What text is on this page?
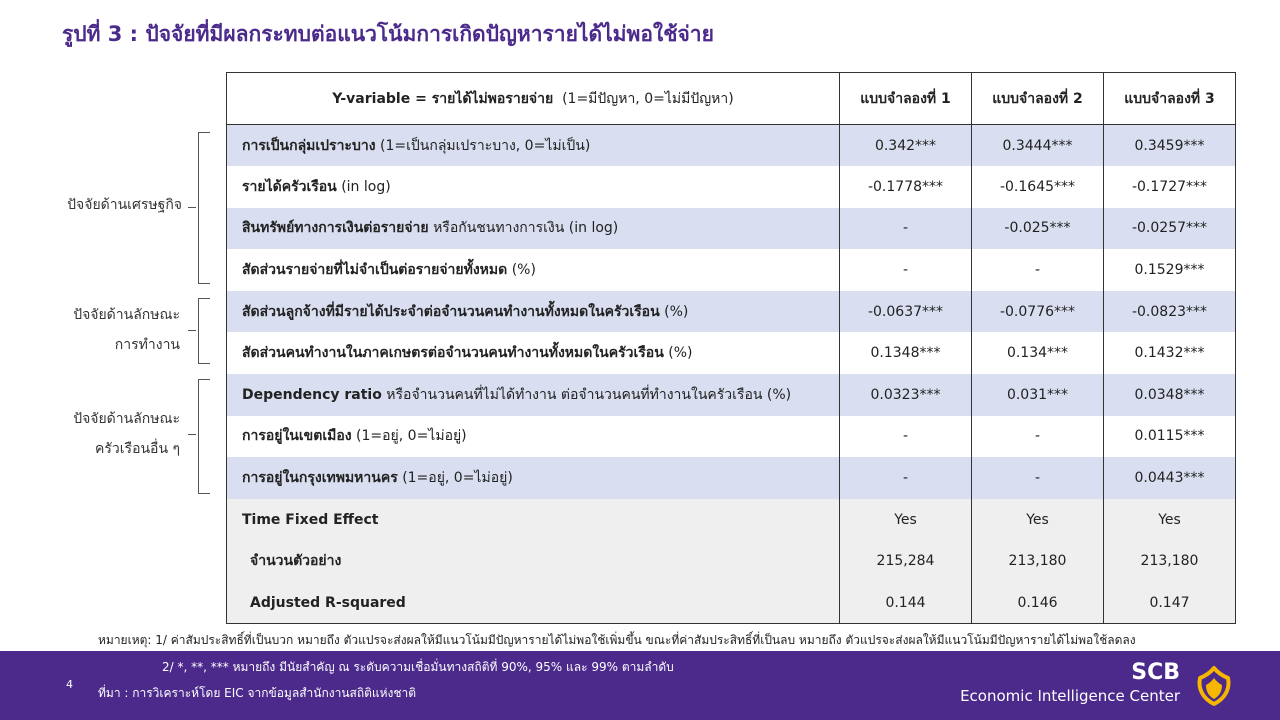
รูปที่ 3 : ปัจจัยที่มีผลกระทบต่อแนวโน้มการเกิดปัญหารายได้ไม่พอใช้จ่าย
Y-variable = รายได้ไม่พอรายจ่าย (1=มีปัญหา, 0=ไม่มีปัญหา)	แบบจำลองที่ 1	แบบจำลองที่ 2	แบบจำลองที่ 3
การเป็นกลุ่มเปราะบาง (1=เป็นกลุ่มเปราะบาง, 0=ไม่เป็น)	0.342***	0.3444***	0.3459***
รายได้ครัวเรือน (in log)	-0.1778***	-0.1645***	-0.1727***
สินทรัพย์ทางการเงินต่อรายจ่าย หรือกันชนทางการเงิน (in log)	-	-0.025***	-0.0257***
สัดส่วนรายจ่ายที่ไม่จำเป็นต่อรายจ่ายทั้งหมด (%)	-	-	0.1529***
สัดส่วนลูกจ้างที่มีรายได้ประจำต่อจำนวนคนทำงานทั้งหมดในครัวเรือน (%)	-0.0637***	-0.0776***	-0.0823***
สัดส่วนคนทำงานในภาคเกษตรต่อจำนวนคนทำงานทั้งหมดในครัวเรือน (%)	0.1348***	0.134***	0.1432***
Dependency ratio หรือจำนวนคนที่ไม่ได้ทำงาน ต่อจำนวนคนที่ทำงานในครัวเรือน (%)	0.0323***	0.031***	0.0348***
การอยู่ในเขตเมือง (1=อยู่, 0=ไม่อยู่)	-	-	0.0115***
การอยู่ในกรุงเทพมหานคร (1=อยู่, 0=ไม่อยู่)	-	-	0.0443***
Time Fixed Effect	Yes	Yes	Yes
จำนวนตัวอย่าง	215,284	213,180	213,180
Adjusted R-squared	0.144	0.146	0.147
ปัจจัยด้านเศรษฐกิจ
ปัจจัยด้านลักษณะ
การทำงาน
ปัจจัยด้านลักษณะ
ครัวเรือนอื่น ๆ
หมายเหตุ: 1/ ค่าสัมประสิทธิ์ที่เป็นบวก หมายถึง ตัวแปรจะส่งผลให้มีแนวโน้มมีปัญหารายได้ไม่พอใช้เพิ่มขึ้น ขณะที่ค่าสัมประสิทธิ์ที่เป็นลบ หมายถึง ตัวแปรจะส่งผลให้มีแนวโน้มมีปัญหารายได้ไม่พอใช้ลดลง
2/ *, **, *** หมายถึง มีนัยสำคัญ ณ ระดับความเชื่อมั่นทางสถิติที่ 90%, 95% และ 99% ตามลำดับ
4
ที่มา : การวิเคราะห์โดย EIC จากข้อมูลสำนักงานสถิติแห่งชาติ
SCB
Economic Intelligence Center
